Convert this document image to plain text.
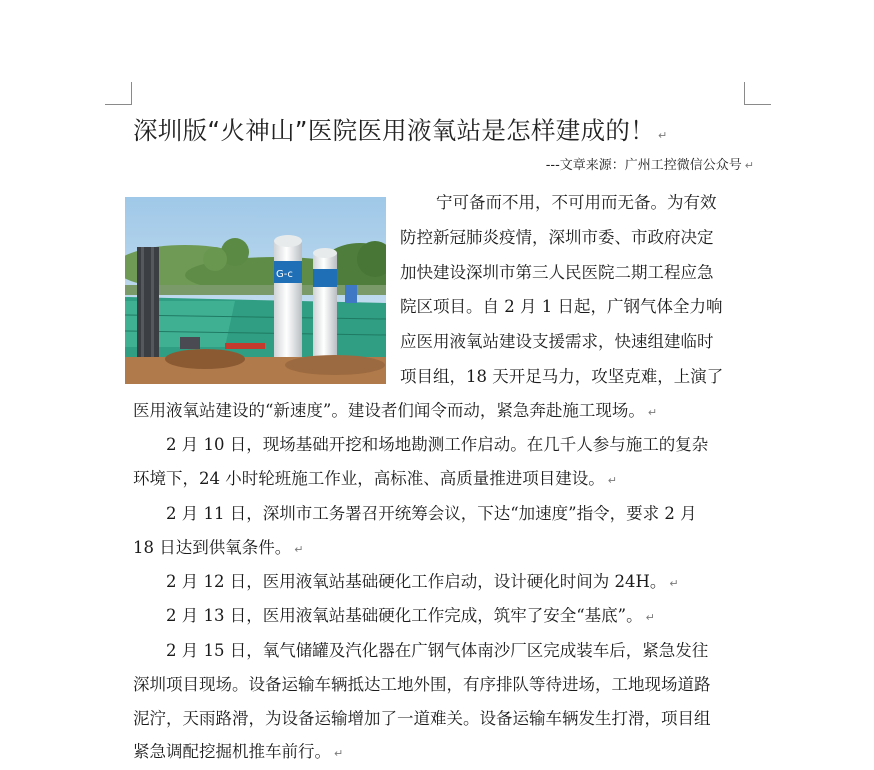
深圳版“火神山”医院医用液氧站是怎样建成的！ ↵
---文章来源：广州工控微信公众号 ↵
G-c
宁可备而不用，不可用而无备。为有效
防控新冠肺炎疫情，深圳市委、市政府决定
加快建设深圳市第三人民医院二期工程应急
院区项目。自 2 月 1 日起，广钢气体全力响
应医用液氧站建设支援需求，快速组建临时
项目组，18 天开足马力，攻坚克难，上演了
医用液氧站建设的“新速度”。建设者们闻令而动，紧急奔赴施工现场。 ↵
2 月 10 日，现场基础开挖和场地勘测工作启动。在几千人参与施工的复杂
环境下，24 小时轮班施工作业，高标准、高质量推进项目建设。 ↵
2 月 11 日，深圳市工务署召开统筹会议，下达“加速度”指令，要求 2 月
18 日达到供氧条件。 ↵
2 月 12 日，医用液氧站基础硬化工作启动，设计硬化时间为 24H。 ↵
2 月 13 日，医用液氧站基础硬化工作完成，筑牢了安全“基底”。 ↵
2 月 15 日，氧气储罐及汽化器在广钢气体南沙厂区完成装车后，紧急发往
深圳项目现场。设备运输车辆抵达工地外围，有序排队等待进场，工地现场道路
泥泞，天雨路滑，为设备运输增加了一道难关。设备运输车辆发生打滑，项目组
紧急调配挖掘机推车前行。 ↵
